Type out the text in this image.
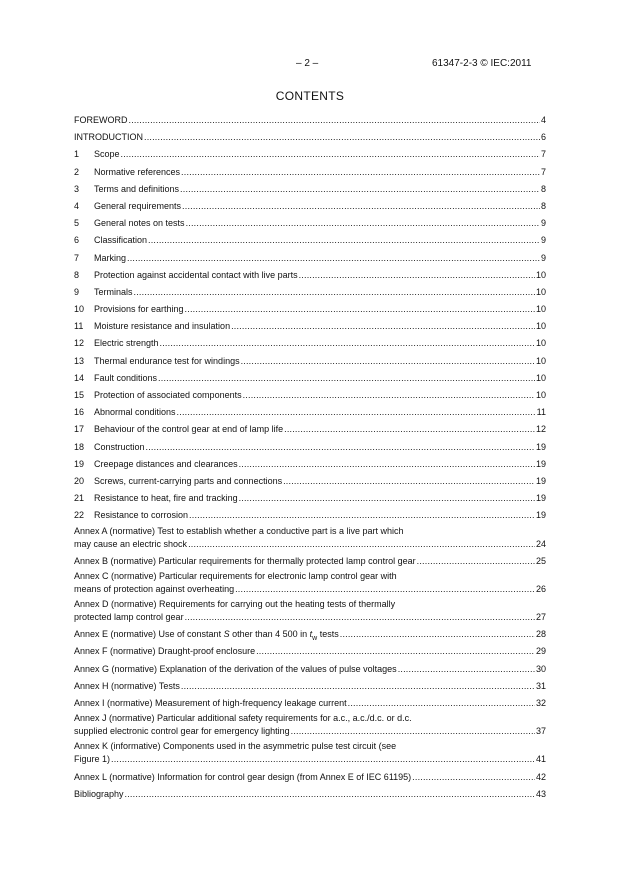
– 2 –	61347-2-3 © IEC:2011
CONTENTS
FOREWORD .....	4
INTRODUCTION .....	6
1	Scope .....	7
2	Normative references .....	7
3	Terms and definitions .....	8
4	General requirements .....	8
5	General notes on tests .....	9
6	Classification .....	9
7	Marking .....	9
8	Protection against accidental contact with live parts .....	10
9	Terminals .....	10
10	Provisions for earthing .....	10
11	Moisture resistance and insulation .....	10
12	Electric strength .....	10
13	Thermal endurance test for windings .....	10
14	Fault conditions .....	10
15	Protection of associated components .....	10
16	Abnormal conditions .....	11
17	Behaviour of the control gear at end of lamp life .....	12
18	Construction .....	19
19	Creepage distances and clearances .....	19
20	Screws, current-carrying parts and connections .....	19
21	Resistance to heat, fire and tracking .....	19
22	Resistance to corrosion .....	19
Annex A (normative) Test to establish whether a conductive part is a live part which
may cause an electric shock .....	24
Annex B (normative) Particular requirements for thermally protected lamp control gear .....	25
Annex C (normative) Particular requirements for electronic lamp control gear with
means of protection against overheating .....	26
Annex D (normative) Requirements for carrying out the heating tests of thermally
protected lamp control gear .....	27
Annex E (normative) Use of constant S other than 4 500 in $t_w$ tests .....	28
Annex F (normative) Draught-proof enclosure .....	29
Annex G (normative) Explanation of the derivation of the values of pulse voltages .....	30
Annex H (normative) Tests .....	31
Annex I (normative) Measurement of high-frequency leakage current .....	32
Annex J (normative) Particular additional safety requirements for a.c., a.c./d.c. or d.c.
supplied electronic control gear for emergency lighting .....	37
Annex K (informative) Components used in the asymmetric pulse test circuit (see
Figure 1) .....	41
Annex L (normative) Information for control gear design (from Annex E of IEC 61195) .....	42
Bibliography .....	43
